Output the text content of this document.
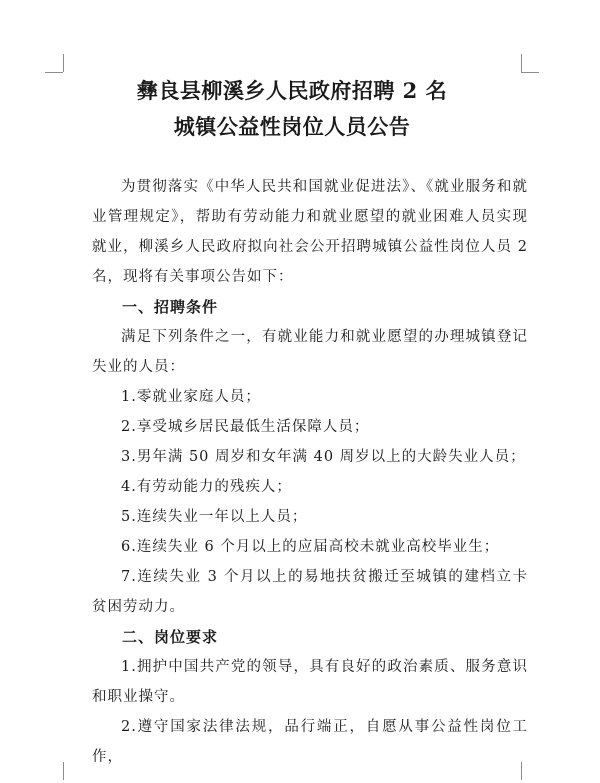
彝良县柳溪乡人民政府招聘 2 名
城镇公益性岗位人员公告

为贯彻落实《中华人民共和国就业促进法》、《就业服务和就业管理规定》，帮助有劳动能力和就业愿望的就业困难人员实现就业，柳溪乡人民政府拟向社会公开招聘城镇公益性岗位人员 2 名，现将有关事项公告如下：

一、招聘条件

满足下列条件之一，有就业能力和就业愿望的办理城镇登记失业的人员：

1.零就业家庭人员；

2.享受城乡居民最低生活保障人员；

3.男年满 50 周岁和女年满 40 周岁以上的大龄失业人员；

4.有劳动能力的残疾人；

5.连续失业一年以上人员；

6.连续失业 6 个月以上的应届高校未就业高校毕业生；

7.连续失业 3 个月以上的易地扶贫搬迁至城镇的建档立卡贫困劳动力。

二、岗位要求

1.拥护中国共产党的领导，具有良好的政治素质、服务意识和职业操守。

2.遵守国家法律法规，品行端正，自愿从事公益性岗位工作，
